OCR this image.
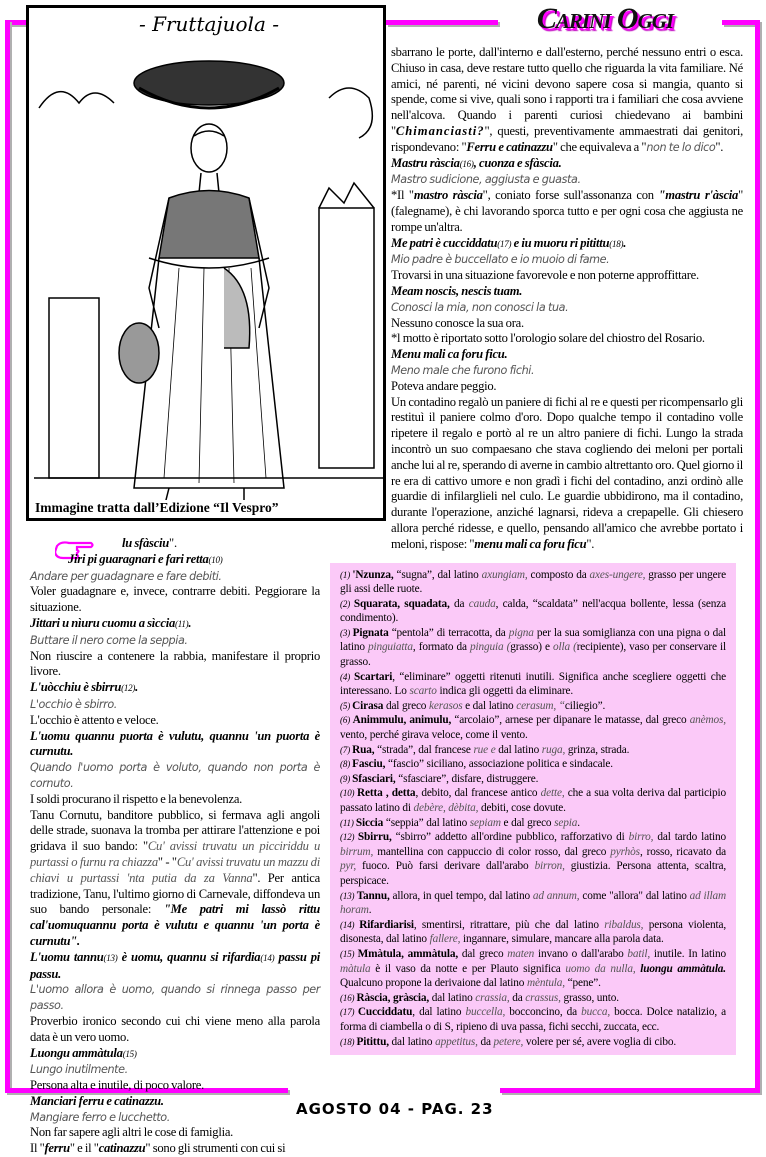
Carini Oggi
- Fruttajuola -
Immagine tratta dall’Edizione “Il Vespro”

lu sfàsciu".

Jiri pi guaragnari e fari retta(10)

Andare per guadagnare e fare debiti.

Voler guadagnare e, invece, contrarre debiti. Peggiorare la situazione.

Jittari u nìuru cuomu a sìccia(11).

Buttare il nero come la seppia.

Non riuscire a contenere la rabbia, manifestare il proprio livore.

L'uòcchiu è sbirru(12).

L'occhio è sbirro.

L'occhio è attento e veloce.

L'uomu quannu puorta è vulutu, quannu 'un puorta è curnutu.

Quando l'uomo porta è voluto, quando non porta è cornuto.

I soldi procurano il rispetto e la benevolenza.

Tanu Cornutu, banditore pubblico, si fermava agli angoli delle strade, suonava la tromba per attirare l'attenzione e poi gridava il suo bando: "Cu' avissi truvatu un picciriddu u purtassi o furnu ra chiazza" - "Cu' avissi truvatu un mazzu di chiavi u purtassi 'nta putia da za Vanna". Per antica tradizione, Tanu, l'ultimo giorno di Carnevale, diffondeva un suo bando personale: "Me patri mi lassò rittu cal'uomuquannu porta è vulutu e quannu 'un porta è curnutu".

L'uomu tannu(13) è uomu, quannu si rifardia(14) passu pi passu.

L'uomo allora è uomo, quando si rinnega passo per passo.

Proverbio ironico secondo cui chi viene meno alla parola data è un vero uomo.

Luongu ammàtula(15)

Lungo inutilmente.

Persona alta e inutile, di poco valore.

Manciari ferru e catinazzu.

Mangiare ferro e lucchetto.

Non far sapere agli altri le cose di famiglia.

Il "ferru" e il "catinazzu" sono gli strumenti con cui si

sbarrano le porte, dall'interno e dall'esterno, perché nessuno entri o esca. Chiuso in casa, deve restare tutto quello che riguarda la vita familiare. Né amici, né parenti, né vicini devono sapere cosa si mangia, quanto si spende, come si vive, quali sono i rapporti tra i familiari che cosa avviene nell'alcova. Quando i parenti curiosi chiedevano ai bambini "Chimanciasti?", questi, preventivamente ammaestrati dai genitori, rispondevano: "Ferru e catinazzu" che equivaleva a "non te lo dico".

Mastru ràscia(16), cuonza e sfàscia.

Mastro sudicione, aggiusta e guasta.

*Il "mastro ràscia", coniato forse sull'assonanza con "mastru r'àscia" (falegname), è chi lavorando sporca tutto e per ogni cosa che aggiusta ne rompe un'altra.

Me patri è cucciddatu(17) e iu muoru ri pitittu(18).

Mio padre è buccellato e io muoio di fame.

Trovarsi in una situazione favorevole e non poterne approffittare.

Meam noscis, nescis tuam.

Conosci la mia, non conosci la tua.

Nessuno conosce la sua ora.

*l motto è riportato sotto l'orologio solare del chiostro del Rosario.

Menu mali ca foru ficu.

Meno male che furono fichi.

Poteva andare peggio.

Un contadino regalò un paniere di fichi al re e questi per ricompensarlo gli restituì il paniere colmo d'oro. Dopo qualche tempo il contadino volle ripetere il regalo e portò al re un altro paniere di fichi. Lungo la strada incontrò un suo compaesano che stava cogliendo dei meloni per portali anche lui al re, sperando di averne in cambio altrettanto oro. Quel giorno il re era di cattivo umore e non gradì i fichi del contadino, anzi ordinò alle guardie di infilarglieli nel culo. Le guardie ubbidirono, ma il contadino, durante l'operazione, anziché lagnarsi, rideva a crepapelle. Gli chiesero allora perché ridesse, e quello, pensando all'amico che avrebbe portato i meloni, rispose: "menu mali ca foru ficu".

(1) 'Nzunza, “sugna”, dal latino axungiam, composto da axes-ungere, grasso per ungere gli assi delle ruote.

(2) Squarata, squadata, da cauda, calda, “scaldata” nell'acqua bollente, lessa (senza condimento).

(3) Pignata “pentola” di terracotta, da pigna per la sua somiglianza con una pigna o dal latino pinguiatta, formato da pinguia (grasso) e olla (recipiente), vaso per conservare il grasso.

(4) Scartari, “eliminare” oggetti ritenuti inutili. Significa anche scegliere oggetti che interessano. Lo scarto indica gli oggetti da eliminare.

(5) Cirasa dal greco kerasos e dal latino cerasum, “ciliegio”.

(6) Animmulu, animulu, “arcolaio”, arnese per dipanare le matasse, dal greco anèmos, vento, perché girava veloce, come il vento.

(7) Rua, “strada”, dal francese rue e dal latino ruga, grinza, strada.

(8) Fasciu, “fascio” siciliano, associazione politica e sindacale.

(9) Sfasciari, “sfasciare”, disfare, distruggere.

(10) Retta , detta, debito, dal francese antico dette, che a sua volta deriva dal participio passato latino di debère, dèbita, debiti, cose dovute.

(11) Siccia “seppia” dal latino sepiam e dal greco sepia.

(12) Sbirru, “sbirro” addetto all'ordine pubblico, rafforzativo di birro, dal tardo latino birrum, mantellina con cappuccio di color rosso, dal greco pyrhòs, rosso, ricavato da pyr, fuoco. Può farsi derivare dall'arabo birron, giustizia. Persona attenta, scaltra, perspicace.

(13) Tannu, allora, in quel tempo, dal latino ad annum, come "allora" dal latino ad illam horam.

(14) Rifardiarisi, smentirsi, ritrattare, più che dal latino ribaldus, persona violenta, disonesta, dal latino fallere, ingannare, simulare, mancare alla parola data.

(15) Mmàtula, ammàtula, dal greco maten invano o dall'arabo batil, inutile. In latino màtula è il vaso da notte e per Plauto significa uomo da nulla, luongu ammàtula. Qualcuno propone la derivaione dal latino mèntula, “pene”.

(16) Ràscia, gràscia, dal latino crassia, da crassus, grasso, unto.

(17) Cucciddatu, dal latino buccella, bocconcino, da bucca, bocca. Dolce natalizio, a forma di ciambella o di S, ripieno di uva passa, fichi secchi, zuccata, ecc.

(18) Pitittu, dal latino appetitus, da petere, volere per sé, avere voglia di cibo.

AGOSTO 04 - PAG. 23
